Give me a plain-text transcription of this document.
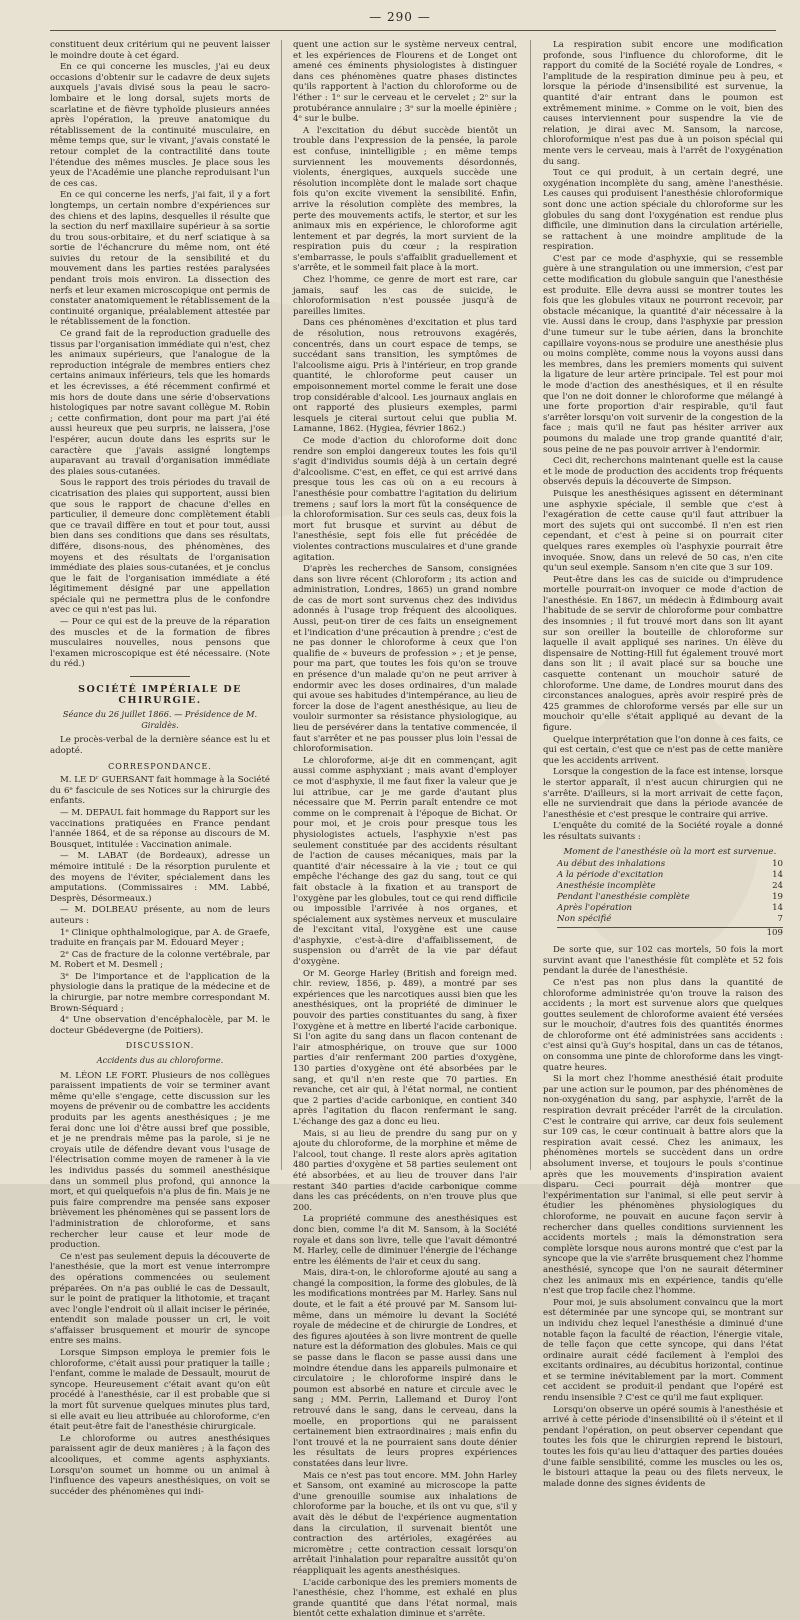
— 290 —

constituent deux critérium qui ne peuvent laisser le moindre doute à cet égard.

En ce qui concerne les muscles, j'ai eu deux occasions d'obtenir sur le cadavre de deux sujets auxquels j'avais divisé sous la peau le sacro-lombaire et le long dorsal, sujets morts de scarlatine et de fièvre typhoïde plusieurs années après l'opération, la preuve anatomique du rétablissement de la continuité musculaire, en même temps que, sur le vivant, j'avais constaté le retour complet de la contractilité dans toute l'étendue des mêmes muscles. Je place sous les yeux de l'Académie une planche reproduisant l'un de ces cas.

En ce qui concerne les nerfs, j'ai fait, il y a fort longtemps, un certain nombre d'expériences sur des chiens et des lapins, desquelles il résulte que la section du nerf maxillaire supérieur à sa sortie du trou sous-orbitaire, et du nerf sciatique à sa sortie de l'échancrure du même nom, ont été suivies du retour de la sensibilité et du mouvement dans les parties restées paralysées pendant trois mois environ. La dissection des nerfs et leur examen microscopique ont permis de constater anatomiquement le rétablissement de la continuité organique, préalablement attestée par le rétablissement de la fonction.

Ce grand fait de la reproduction graduelle des tissus par l'organisation immédiate qui n'est, chez les animaux supérieurs, que l'analogue de la reproduction intégrale de membres entiers chez certains animaux inférieurs, tels que les homards et les écrevisses, a été récemment confirmé et mis hors de doute dans une série d'observations histologiques par notre savant collègue M. Robin ; cette confirmation, dont pour ma part j'ai été aussi heureux que peu surpris, ne laissera, j'ose l'espérer, aucun doute dans les esprits sur le caractère que j'avais assigné longtemps auparavant au travail d'organisation immédiate des plaies sous-cutanées.

Sous le rapport des trois périodes du travail de cicatrisation des plaies qui supportent, aussi bien que sous le rapport de chacune d'elles en particulier, il demeure donc complètement établi que ce travail diffère en tout et pour tout, aussi bien dans ses conditions que dans ses résultats, différe, disons-nous, des phénomènes, des moyens et des résultats de l'organisation immédiate des plaies sous-cutanées, et je conclus que le fait de l'organisation immédiate a été légitimement désigné par une appellation spéciale qui ne permettra plus de le confondre avec ce qui n'est pas lui.

— Pour ce qui est de la preuve de la réparation des muscles et de la formation de fibres musculaires nouvelles, nous pensons que l'examen microscopique est été nécessaire. (Note du réd.)

SOCIÉTÉ IMPÉRIALE DE CHIRURGIE.
Séance du 26 juillet 1866. — Présidence de M. Giraldès.

Le procès-verbal de la dernière séance est lu et adopté.

CORRESPONDANCE.

M. LE Dʳ GUERSANT fait hommage à la Société du 6ᵉ fascicule de ses Notices sur la chirurgie des enfants.

— M. DEPAUL fait hommage du Rapport sur les vaccinations pratiquées en France pendant l'année 1864, et de sa réponse au discours de M. Bousquet, intitulée : Vaccination animale.

— M. LABAT (de Bordeaux), adresse un mémoire intitulé : De la résorption purulente et des moyens de l'éviter, spécialement dans les amputations. (Commissaires : MM. Labbé, Desprès, Désormeaux.)

— M. DOLBEAU présente, au nom de leurs auteurs :

1ᵉ Clinique ophthalmologique, par A. de Graefe, traduite en français par M. Édouard Meyer ;

2ᵉ Cas de fracture de la colonne vertébrale, par M. Robert et M. Desmell ;

3ᵉ De l'importance et de l'application de la physiologie dans la pratique de la médecine et de la chirurgie, par notre membre correspondant M. Brown-Séquard ;

4ᵉ Une observation d'encéphalocèle, par M. le docteur Gbédevergne (de Poitiers).

DISCUSSION.
Accidents dus au chloroforme.

M. LÉON LE FORT. Plusieurs de nos collègues paraissent impatients de voir se terminer avant même qu'elle s'engage, cette discussion sur les moyens de prévenir ou de combattre les accidents produits par les agents anesthésiques ; je me ferai donc une loi d'être aussi bref que possible, et je ne prendrais même pas la parole, si je ne croyais utile de défendre devant vous l'usage de l'électrisation comme moyen de ramener à la vie les individus passés du sommeil anesthésique dans un sommeil plus profond, qui annonce la mort, et qui quelquefois n'a plus de fin. Mais je ne puis faire comprendre ma pensée sans exposer brièvement les phénomènes qui se passent lors de l'administration de chloroforme, et sans rechercher leur cause et leur mode de production.

Ce n'est pas seulement depuis la découverte de l'anesthésie, que la mort est venue interrompre des opérations commencées ou seulement préparées. On n'a pas oublié le cas de Dessault, sur le point de pratiquer la lithotomie, et traçant avec l'ongle l'endroit où il allait inciser le périnée, entendit son malade pousser un cri, le voit s'affaisser brusquement et mourir de syncope entre ses mains.

Lorsque Simpson employa le premier fois le chloroforme, c'était aussi pour pratiquer la taille ; l'enfant, comme le malade de Dessault, mourut de syncope. Heureusement c'était avant qu'on eût procédé à l'anesthésie, car il est probable que si la mort fût survenue quelques minutes plus tard, si elle avait eu lieu attribuée au chloroforme, c'en était peut-être fait de l'anesthésie chirurgicale.

Le chloroforme ou autres anesthésiques paraissent agir de deux manières ; à la façon des alcooliques, et comme agents asphyxiants. Lorsqu'on soumet un homme ou un animal à l'influence des vapeurs anesthésiques, on voit se succéder des phénomènes qui indi-

quent une action sur le système nerveux central, et les expériences de Flourens et de Longet ont amené ces éminents physiologistes à distinguer dans ces phénomènes quatre phases distinctes qu'ils rapportent à l'action du chloroforme ou de l'éther : 1ᵒ sur le cerveau et le cervelet ; 2ᵒ sur la protubérance annulaire ; 3ᵒ sur la moelle épinière ; 4ᵒ sur le bulbe.

A l'excitation du début succède bientôt un trouble dans l'expression de la pensée, la parole est confuse, inintelligible ; en même temps surviennent les mouvements désordonnés, violents, énergiques, auxquels succède une résolution incomplète dont le malade sort chaque fois qu'on excite vivement la sensibilité. Enfin, arrive la résolution complète des membres, la perte des mouvements actifs, le stertor, et sur les animaux mis en expérience, le chloroforme agit lentement et par degrés, la mort survient de la respiration puis du cœur ; la respiration s'embarrasse, le pouls s'affaiblit graduellement et s'arrête, et le sommeil fait place à la mort.

Chez l'homme, ce genre de mort est rare, car jamais, sauf les cas de suicide, le chloroformisation n'est poussée jusqu'à de pareilles limites.

Dans ces phénomènes d'excitation et plus tard de résolution, nous retrouvons exagérés, concentrés, dans un court espace de temps, se succédant sans transition, les symptômes de l'alcoolisme aigu. Pris à l'intérieur, en trop grande quantité, le chloroforme peut causer un empoisonnement mortel comme le ferait une dose trop considérable d'alcool. Les journaux anglais en ont rapporté des plusieurs exemples, parmi lesquels je citerai surtout celui que publia M. Lamanne, 1862. (Hygiea, février 1862.)

Ce mode d'action du chloroforme doit donc rendre son emploi dangereux toutes les fois qu'il s'agit d'individus soumis déjà à un certain degré d'alcoolisme. C'est, en effet, ce qui est arrivé dans presque tous les cas où on a eu recours à l'anesthésie pour combattre l'agitation du delirium tremens ; sauf lors la mort fût la conséquence de la chloroformisation. Sur ces seuls cas, deux fois la mort fut brusque et survint au début de l'anesthésie, sept fois elle fut précédée de violentes contractions musculaires et d'une grande agitation.

D'après les recherches de Sansom, consignées dans son livre récent (Chloroform ; its action and administration, Londres, 1865) un grand nombre de cas de mort sont survenus chez des individus adonnés à l'usage trop fréquent des alcooliques. Aussi, peut-on tirer de ces faits un enseignement et l'indication d'une précaution à prendre ; c'est de ne pas donner le chloroforme à ceux que l'on qualifie de « buveurs de profession » ; et je pense, pour ma part, que toutes les fois qu'on se trouve en présence d'un malade qu'on ne peut arriver à endormir avec les doses ordinaires, d'un malade qui avoue ses habitudes d'intempérance, au lieu de forcer la dose de l'agent anesthésique, au lieu de vouloir surmonter sa résistance physiologique, au lieu de persévérer dans la tentative commencée, il faut s'arrêter et ne pas pousser plus loin l'essai de chloroformisation.

Le chloroforme, ai-je dit en commençant, agit aussi comme asphyxiant ; mais avant d'employer ce mot d'asphyxie, il me faut fixer la valeur que je lui attribue, car je me garde d'autant plus nécessaire que M. Perrin paraît entendre ce mot comme on le comprenait à l'époque de Bichat. Or pour moi, et je crois pour presque tous les physiologistes actuels, l'asphyxie n'est pas seulement constituée par des accidents résultant de l'action de causes mécaniques, mais par la quantité d'air nécessaire à la vie ; tout ce qui empêche l'échange des gaz du sang, tout ce qui fait obstacle à la fixation et au transport de l'oxygène par les globules, tout ce qui rend difficile ou impossible l'arrivée à nos organes, et spécialement aux systèmes nerveux et musculaire de l'excitant vital, l'oxygène est une cause d'asphyxie, c'est-à-dire d'affaiblissement, de suspension ou d'arrêt de la vie par défaut d'oxygène.

Or M. George Harley (British and foreign med. chir. review, 1856, p. 489), a montré par ses expériences que les narcotiques aussi bien que les anesthésiques, ont la propriété de diminuer le pouvoir des parties constituantes du sang, à fixer l'oxygène et à mettre en liberté l'acide carbonique. Si l'on agite du sang dans un flacon contenant de l'air atmosphérique, on trouve que sur 1000 parties d'air renfermant 200 parties d'oxygène, 130 parties d'oxygène ont été absorbées par le sang, et qu'il n'en reste que 70 parties. En revanche, cet air qui, à l'état normal, ne contient que 2 parties d'acide carbonique, en contient 340 après l'agitation du flacon renfermant le sang. L'échange des gaz a donc eu lieu.

Mais, si au lieu de prendre du sang pur on y ajoute du chloroforme, de la morphine et même de l'alcool, tout change. Il reste alors après agitation 480 parties d'oxygène et 58 parties seulement ont été absorbées, et au lieu de trouver dans l'air restant 340 parties d'acide carbonique comme dans les cas précédents, on n'en trouve plus que 200.

La propriété commune des anesthésiques est donc bien, comme l'a dit M. Sansom, à la Société royale et dans son livre, telle que l'avait démontré M. Harley, celle de diminuer l'énergie de l'échange entre les éléments de l'air et ceux du sang.

Mais, dira-t-on, le chloroforme ajouté au sang a changé la composition, la forme des globules, de là les modifications montrées par M. Harley. Sans nul doute, et le fait a été prouvé par M. Sansom lui-même, dans un mémoire lu devant la Société royale de médecine et de chirurgie de Londres, et des figures ajoutées à son livre montrent de quelle nature est la déformation des globules. Mais ce qui se passe dans le flacon se passe aussi dans une moindre étendue dans les appareils pulmonaire et circulatoire ; le chloroforme inspiré dans le poumon est absorbé en nature et circule avec le sang ; MM. Perrin, Lallemand et Duroy l'ont retrouvé dans le sang, dans le cerveau, dans la moelle, en proportions qui ne paraissent certainement bien extraordinaires ; mais enfin du l'ont trouvé et la ne pourraient sans doute dénier les résultats de leurs propres expériences constatées dans leur livre.

Mais ce n'est pas tout encore. MM. John Harley et Sansom, ont examiné au microscope la patte d'une grenouille soumise aux inhalations de chloroforme par la bouche, et ils ont vu que, s'il y avait dès le début de l'expérience augmentation dans la circulation, il survenait bientôt une contraction des artérioles, exagérées au micromètre ; cette contraction cessait lorsqu'on arrêtait l'inhalation pour reparaître aussitôt qu'on réappliquait les agents anesthésiques.

L'acide carbonique des les premiers moments de l'anesthésie, chez l'homme, est exhalé en plus grande quantité que dans l'état normal, mais bientôt cette exhalation diminue et s'arrête.

La respiration subit encore une modification profonde, sous l'influence du chloroforme, dit le rapport du comité de la Société royale de Londres, « l'amplitude de la respiration diminue peu à peu, et lorsque la période d'insensibilité est survenue, la quantité d'air entrant dans le poumon est extrêmement minime. » Comme on le voit, bien des causes interviennent pour suspendre la vie de relation, je dirai avec M. Sansom, la narcose, chloroformique n'est pas due à un poison spécial qui mente vers le cerveau, mais à l'arrêt de l'oxygénation du sang.

Tout ce qui produit, à un certain degré, une oxygénation incomplète du sang, amène l'anesthésie. Les causes qui produisent l'anesthésie chloroformique sont donc une action spéciale du chloroforme sur les globules du sang dont l'oxygénation est rendue plus difficile, une diminution dans la circulation artérielle, se rattachent à une moindre amplitude de la respiration.

C'est par ce mode d'asphyxie, qui se ressemble guère à une strangulation ou une immersion, c'est par cette modification du globule sanguin que l'anesthésie est produite. Elle devra aussi se montrer toutes les fois que les globules vitaux ne pourront recevoir, par obstacle mécanique, la quantité d'air nécessaire à la vie. Aussi dans le croup, dans l'asphyxie par pression d'une tumeur sur le tube aérien, dans la bronchite capillaire voyons-nous se produire une anesthésie plus ou moins complète, comme nous la voyons aussi dans les membres, dans les premiers moments qui suivent la ligature de leur artère principale. Tel est pour moi le mode d'action des anesthésiques, et il en résulte que l'on ne doit donner le chloroforme que mélangé à une forte proportion d'air respirable, qu'il faut s'arrêter lorsqu'on voit survenir de la congestion de la face ; mais qu'il ne faut pas hésiter arriver aux poumons du malade une trop grande quantité d'air, sous peine de ne pas pouvoir arriver à l'endormir.

Ceci dit, recherchons maintenant quelle est la cause et le mode de production des accidents trop fréquents observés depuis la découverte de Simpson.

Puisque les anesthésiques agissent en déterminant une asphyxie spéciale, il semble que c'est à l'exagération de cette cause qu'il faut attribuer la mort des sujets qui ont succombé. Il n'en est rien cependant, et c'est à peine si on pourrait citer quelques rares exemples où l'asphyxie pourrait être invoquée. Snow, dans un relevé de 50 cas, n'en cite qu'un seul exemple. Sansom n'en cite que 3 sur 109.

Peut-être dans les cas de suicide ou d'imprudence mortelle pourrait-on invoquer ce mode d'action de l'anesthésie. En 1867, un médecin à Édimbourg avait l'habitude de se servir de chloroforme pour combattre des insomnies ; il fut trouvé mort dans son lit ayant sur son oreiller la bouteille de chloroforme sur laquelle il avait appliqué ses narines. Un élève du dispensaire de Notting-Hill fut également trouvé mort dans son lit ; il avait placé sur sa bouche une casquette contenant un mouchoir saturé de chloroforme. Une dame, de Londres mourut dans des circonstances analogues, après avoir respiré près de 425 grammes de chloroforme versés par elle sur un mouchoir qu'elle s'était appliqué au devant de la figure.

Quelque interprétation que l'on donne à ces faits, ce qui est certain, c'est que ce n'est pas de cette manière que les accidents arrivent.

Lorsque la congestion de la face est intense, lorsque le stertor apparaît, il n'est aucun chirurgien qui ne s'arrête. D'ailleurs, si la mort arrivait de cette façon, elle ne surviendrait que dans la période avancée de l'anesthésie et c'est presque le contraire qui arrive.

L'enquête du comité de la Société royale a donné les résultats suivants :

Moment de l'anesthésie où la mort est survenue.
Au début des inhalations	10
A la période d'excitation	14
Anesthésie incomplète	24
Pendant l'anesthésie complète	19
Après l'opération	14
Non spécifié	7
109

De sorte que, sur 102 cas mortels, 50 fois la mort survint avant que l'anesthésie fût complète et 52 fois pendant la durée de l'anesthésie.

Ce n'est pas non plus dans la quantité de chloroforme administrée qu'on trouve la raison des accidents ; la mort est survenue alors que quelques gouttes seulement de chloroforme avaient été versées sur le mouchoir, d'autres fois des quantités énormes de chloroforme ont été administrées sans accidents : c'est ainsi qu'à Guy's hospital, dans un cas de tétanos, on consomma une pinte de chloroforme dans les vingt-quatre heures.

Si la mort chez l'homme anesthésié était produite par une action sur le poumon, par des phénomènes de non-oxygénation du sang, par asphyxie, l'arrêt de la respiration devrait précéder l'arrêt de la circulation. C'est le contraire qui arrive, car deux fois seulement sur 109 cas, le cœur continuait à battre alors que la respiration avait cessé. Chez les animaux, les phénomènes mortels se succèdent dans un ordre absolument inverse, et toujours le pouls s'continue après que les mouvements d'inspiration avaient disparu. Ceci pourrait déjà montrer que l'expérimentation sur l'animal, si elle peut servir à étudier les phénomènes physiologiques du chloroforme, ne pouvait en aucune façon servir à rechercher dans quelles conditions surviennent les accidents mortels ; mais la démonstration sera complète lorsque nous aurons montré que c'est par la syncope que la vie s'arrête brusquement chez l'homme anesthésié, syncope que l'on ne saurait déterminer chez les animaux mis en expérience, tandis qu'elle n'est que trop facile chez l'homme.

Pour moi, je suis absolument convaincu que la mort est déterminée par une syncope qui, se montrant sur un individu chez lequel l'anesthésie a diminué d'une notable façon la faculté de réaction, l'énergie vitale, de telle façon que cette syncope, qui dans l'état ordinaire aurait cédé facilement à l'emploi des excitants ordinaires, au décubitus horizontal, continue et se termine inévitablement par la mort. Comment cet accident se produit-il pendant que l'opéré est rendu insensible ? C'est ce qu'il me faut expliquer.

Lorsqu'on observe un opéré soumis à l'anesthésie et arrivé à cette période d'insensibilité où il s'éteint et il pendant l'opération, on peut observer cependant que toutes les fois que le chirurgien reprend le bistouri, toutes les fois qu'au lieu d'attaquer des parties douées d'une faible sensibilité, comme les muscles ou les os, le bistouri attaque la peau ou des filets nerveux, le malade donne des signes évidents de
